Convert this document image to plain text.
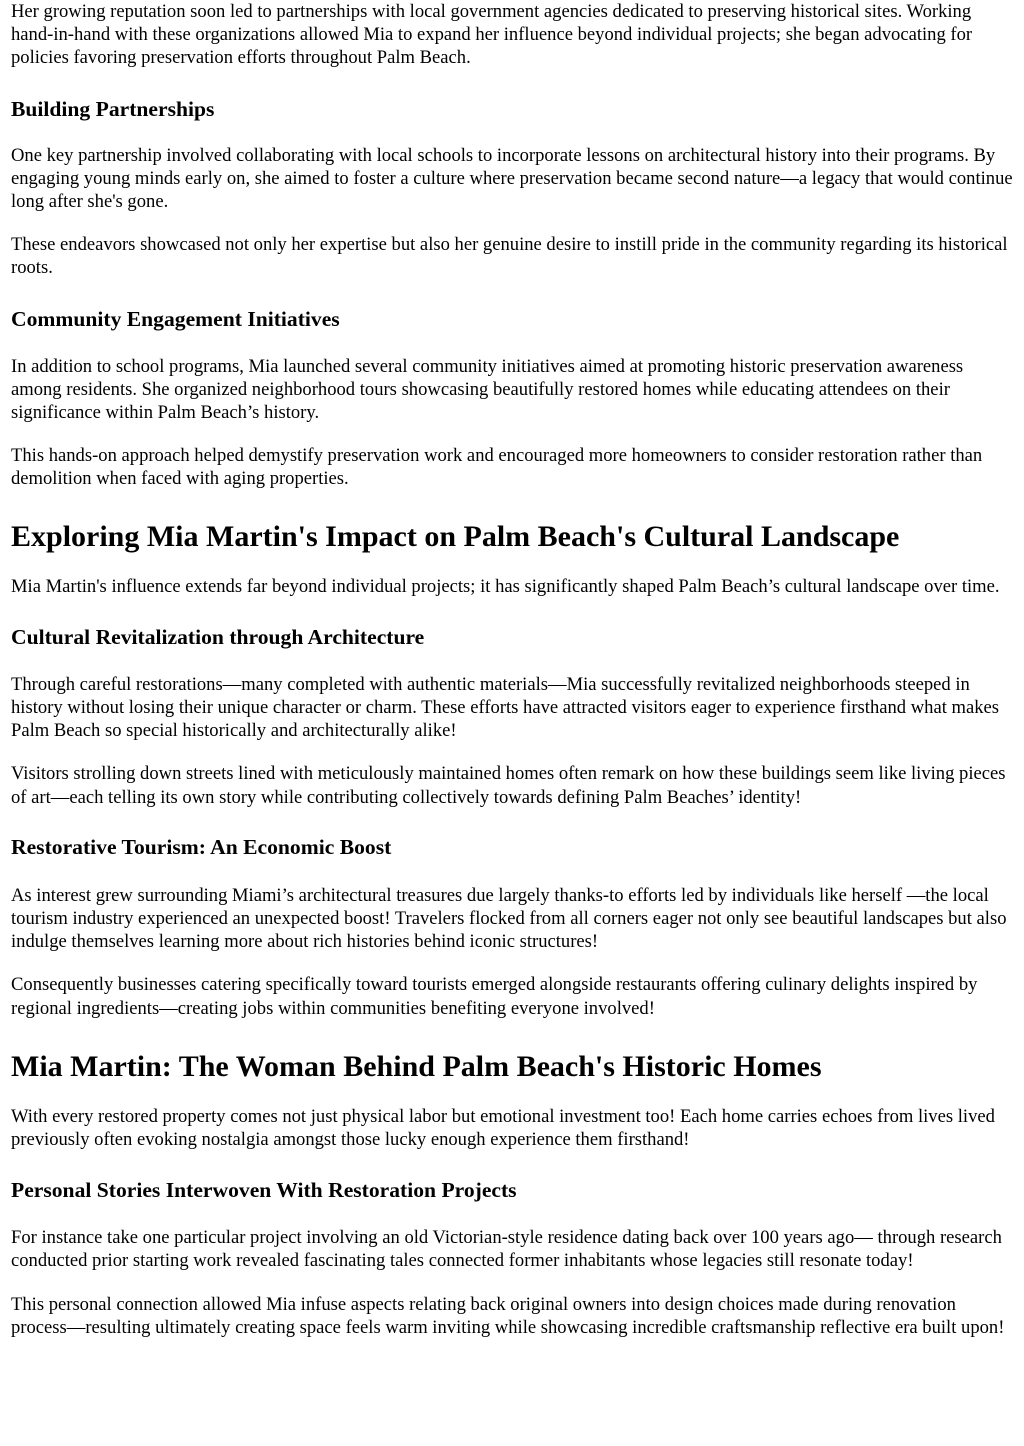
Her growing reputation soon led to partnerships with local government agencies dedicated to preserving historical sites. Working hand-in-hand with these organizations allowed Mia to expand her influence beyond individual projects; she began advocating for policies favoring preservation efforts throughout Palm Beach.

Building Partnerships

One key partnership involved collaborating with local schools to incorporate lessons on architectural history into their programs. By engaging young minds early on, she aimed to foster a culture where preservation became second nature—a legacy that would continue long after she's gone.

These endeavors showcased not only her expertise but also her genuine desire to instill pride in the community regarding its historical roots.

Community Engagement Initiatives

In addition to school programs, Mia launched several community initiatives aimed at promoting historic preservation awareness among residents. She organized neighborhood tours showcasing beautifully restored homes while educating attendees on their significance within Palm Beach’s history.

This hands-on approach helped demystify preservation work and encouraged more homeowners to consider restoration rather than demolition when faced with aging properties.

Exploring Mia Martin's Impact on Palm Beach's Cultural Landscape

Mia Martin's influence extends far beyond individual projects; it has significantly shaped Palm Beach’s cultural landscape over time.

Cultural Revitalization through Architecture

Through careful restorations—many completed with authentic materials—Mia successfully revitalized neighborhoods steeped in history without losing their unique character or charm. These efforts have attracted visitors eager to experience firsthand what makes Palm Beach so special historically and architecturally alike!

Visitors strolling down streets lined with meticulously maintained homes often remark on how these buildings seem like living pieces of art—each telling its own story while contributing collectively towards defining Palm Beaches’ identity!

Restorative Tourism: An Economic Boost

As interest grew surrounding Miami’s architectural treasures due largely thanks-to efforts led by individuals like herself —the local tourism industry experienced an unexpected boost! Travelers flocked from all corners eager not only see beautiful landscapes but also indulge themselves learning more about rich histories behind iconic structures!

Consequently businesses catering specifically toward tourists emerged alongside restaurants offering culinary delights inspired by regional ingredients—creating jobs within communities benefiting everyone involved!

Mia Martin: The Woman Behind Palm Beach's Historic Homes

With every restored property comes not just physical labor but emotional investment too! Each home carries echoes from lives lived previously often evoking nostalgia amongst those lucky enough experience them firsthand!

Personal Stories Interwoven With Restoration Projects

For instance take one particular project involving an old Victorian-style residence dating back over 100 years ago— through research conducted prior starting work revealed fascinating tales connected former inhabitants whose legacies still resonate today!

This personal connection allowed Mia infuse aspects relating back original owners into design choices made during renovation process—resulting ultimately creating space feels warm inviting while showcasing incredible craftsmanship reflective era built upon!
